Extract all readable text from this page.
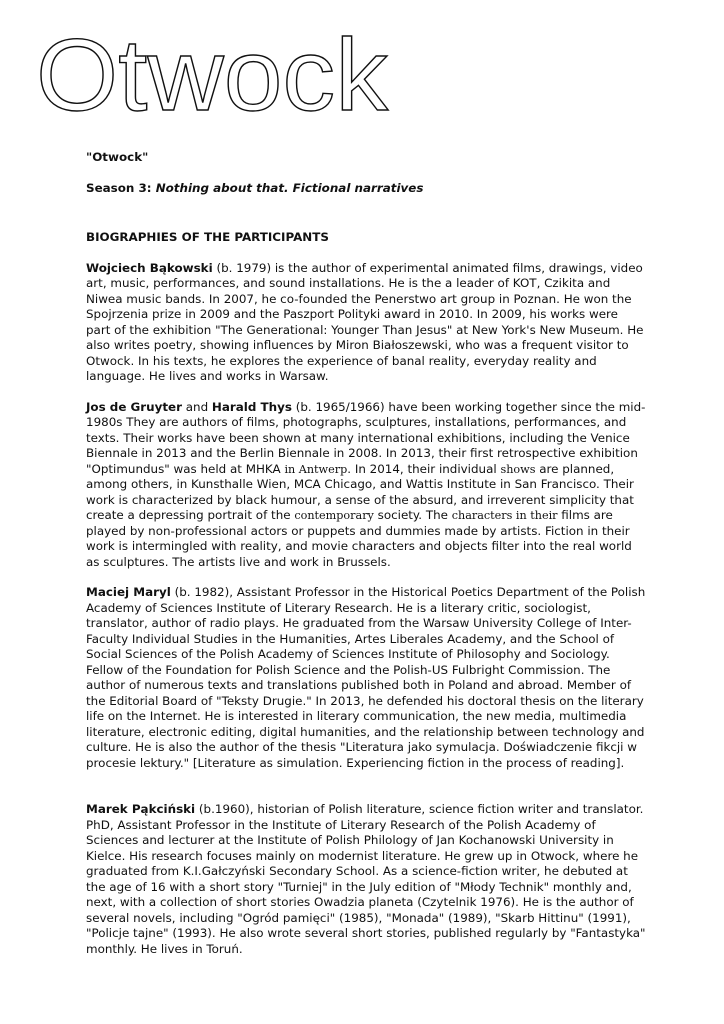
Otwock

"Otwock"

Season 3: Nothing about that. Fictional narratives

BIOGRAPHIES OF THE PARTICIPANTS

Wojciech Bąkowski (b. 1979) is the author of experimental animated films, drawings, video art, music, performances, and sound installations. He is the a leader of KOT, Czikita and Niwea music bands. In 2007, he co-founded the Penerstwo art group in Poznan. He won the Spojrzenia prize in 2009 and the Paszport Polityki award in 2010. In 2009, his works were part of the exhibition "The Generational: Younger Than Jesus" at New York's New Museum. He also writes poetry, showing influences by Miron Białoszewski, who was a frequent visitor to Otwock. In his texts, he explores the experience of banal reality, everyday reality and language. He lives and works in Warsaw.

Jos de Gruyter and Harald Thys (b. 1965/1966) have been working together since the mid-1980s They are authors of films, photographs, sculptures, installations, performances, and texts. Their works have been shown at many international exhibitions, including the Venice Biennale in 2013 and the Berlin Biennale in 2008. In 2013, their first retrospective exhibition "Optimundus" was held at MHKA in Antwerp. In 2014, their individual shows are planned, among others, in Kunsthalle Wien, MCA Chicago, and Wattis Institute in San Francisco. Their work is characterized by black humour, a sense of the absurd, and irreverent simplicity that create a depressing portrait of the contemporary society. The characters in their films are played by non-professional actors or puppets and dummies made by artists. Fiction in their work is intermingled with reality, and movie characters and objects filter into the real world as sculptures. The artists live and work in Brussels.

Maciej Maryl (b. 1982), Assistant Professor in the Historical Poetics Department of the Polish Academy of Sciences Institute of Literary Research. He is a literary critic, sociologist, translator, author of radio plays. He graduated from the Warsaw University College of Inter-Faculty Individual Studies in the Humanities, Artes Liberales Academy, and the School of Social Sciences of the Polish Academy of Sciences Institute of Philosophy and Sociology. Fellow of the Foundation for Polish Science and the Polish-US Fulbright Commission. The author of numerous texts and translations published both in Poland and abroad. Member of the Editorial Board of "Teksty Drugie." In 2013, he defended his doctoral thesis on the literary life on the Internet. He is interested in literary communication, the new media, multimedia literature, electronic editing, digital humanities, and the relationship between technology and culture. He is also the author of the thesis "Literatura jako symulacja. Doświadczenie fikcji w procesie lektury." [Literature as simulation. Experiencing fiction in the process of reading].

Marek Pąkciński (b.1960), historian of Polish literature, science fiction writer and translator. PhD, Assistant Professor in the Institute of Literary Research of the Polish Academy of Sciences and lecturer at the Institute of Polish Philology of Jan Kochanowski University in Kielce. His research focuses mainly on modernist literature. He grew up in Otwock, where he graduated from K.I.Gałczyński Secondary School. As a science-fiction writer, he debuted at the age of 16 with a short story "Turniej" in the July edition of "Młody Technik" monthly and, next, with a collection of short stories Owadzia planeta (Czytelnik 1976). He is the author of several novels, including "Ogród pamięci" (1985), "Monada" (1989), "Skarb Hittinu" (1991), "Policje tajne" (1993). He also wrote several short stories, published regularly by "Fantastyka" monthly. He lives in Toruń.
